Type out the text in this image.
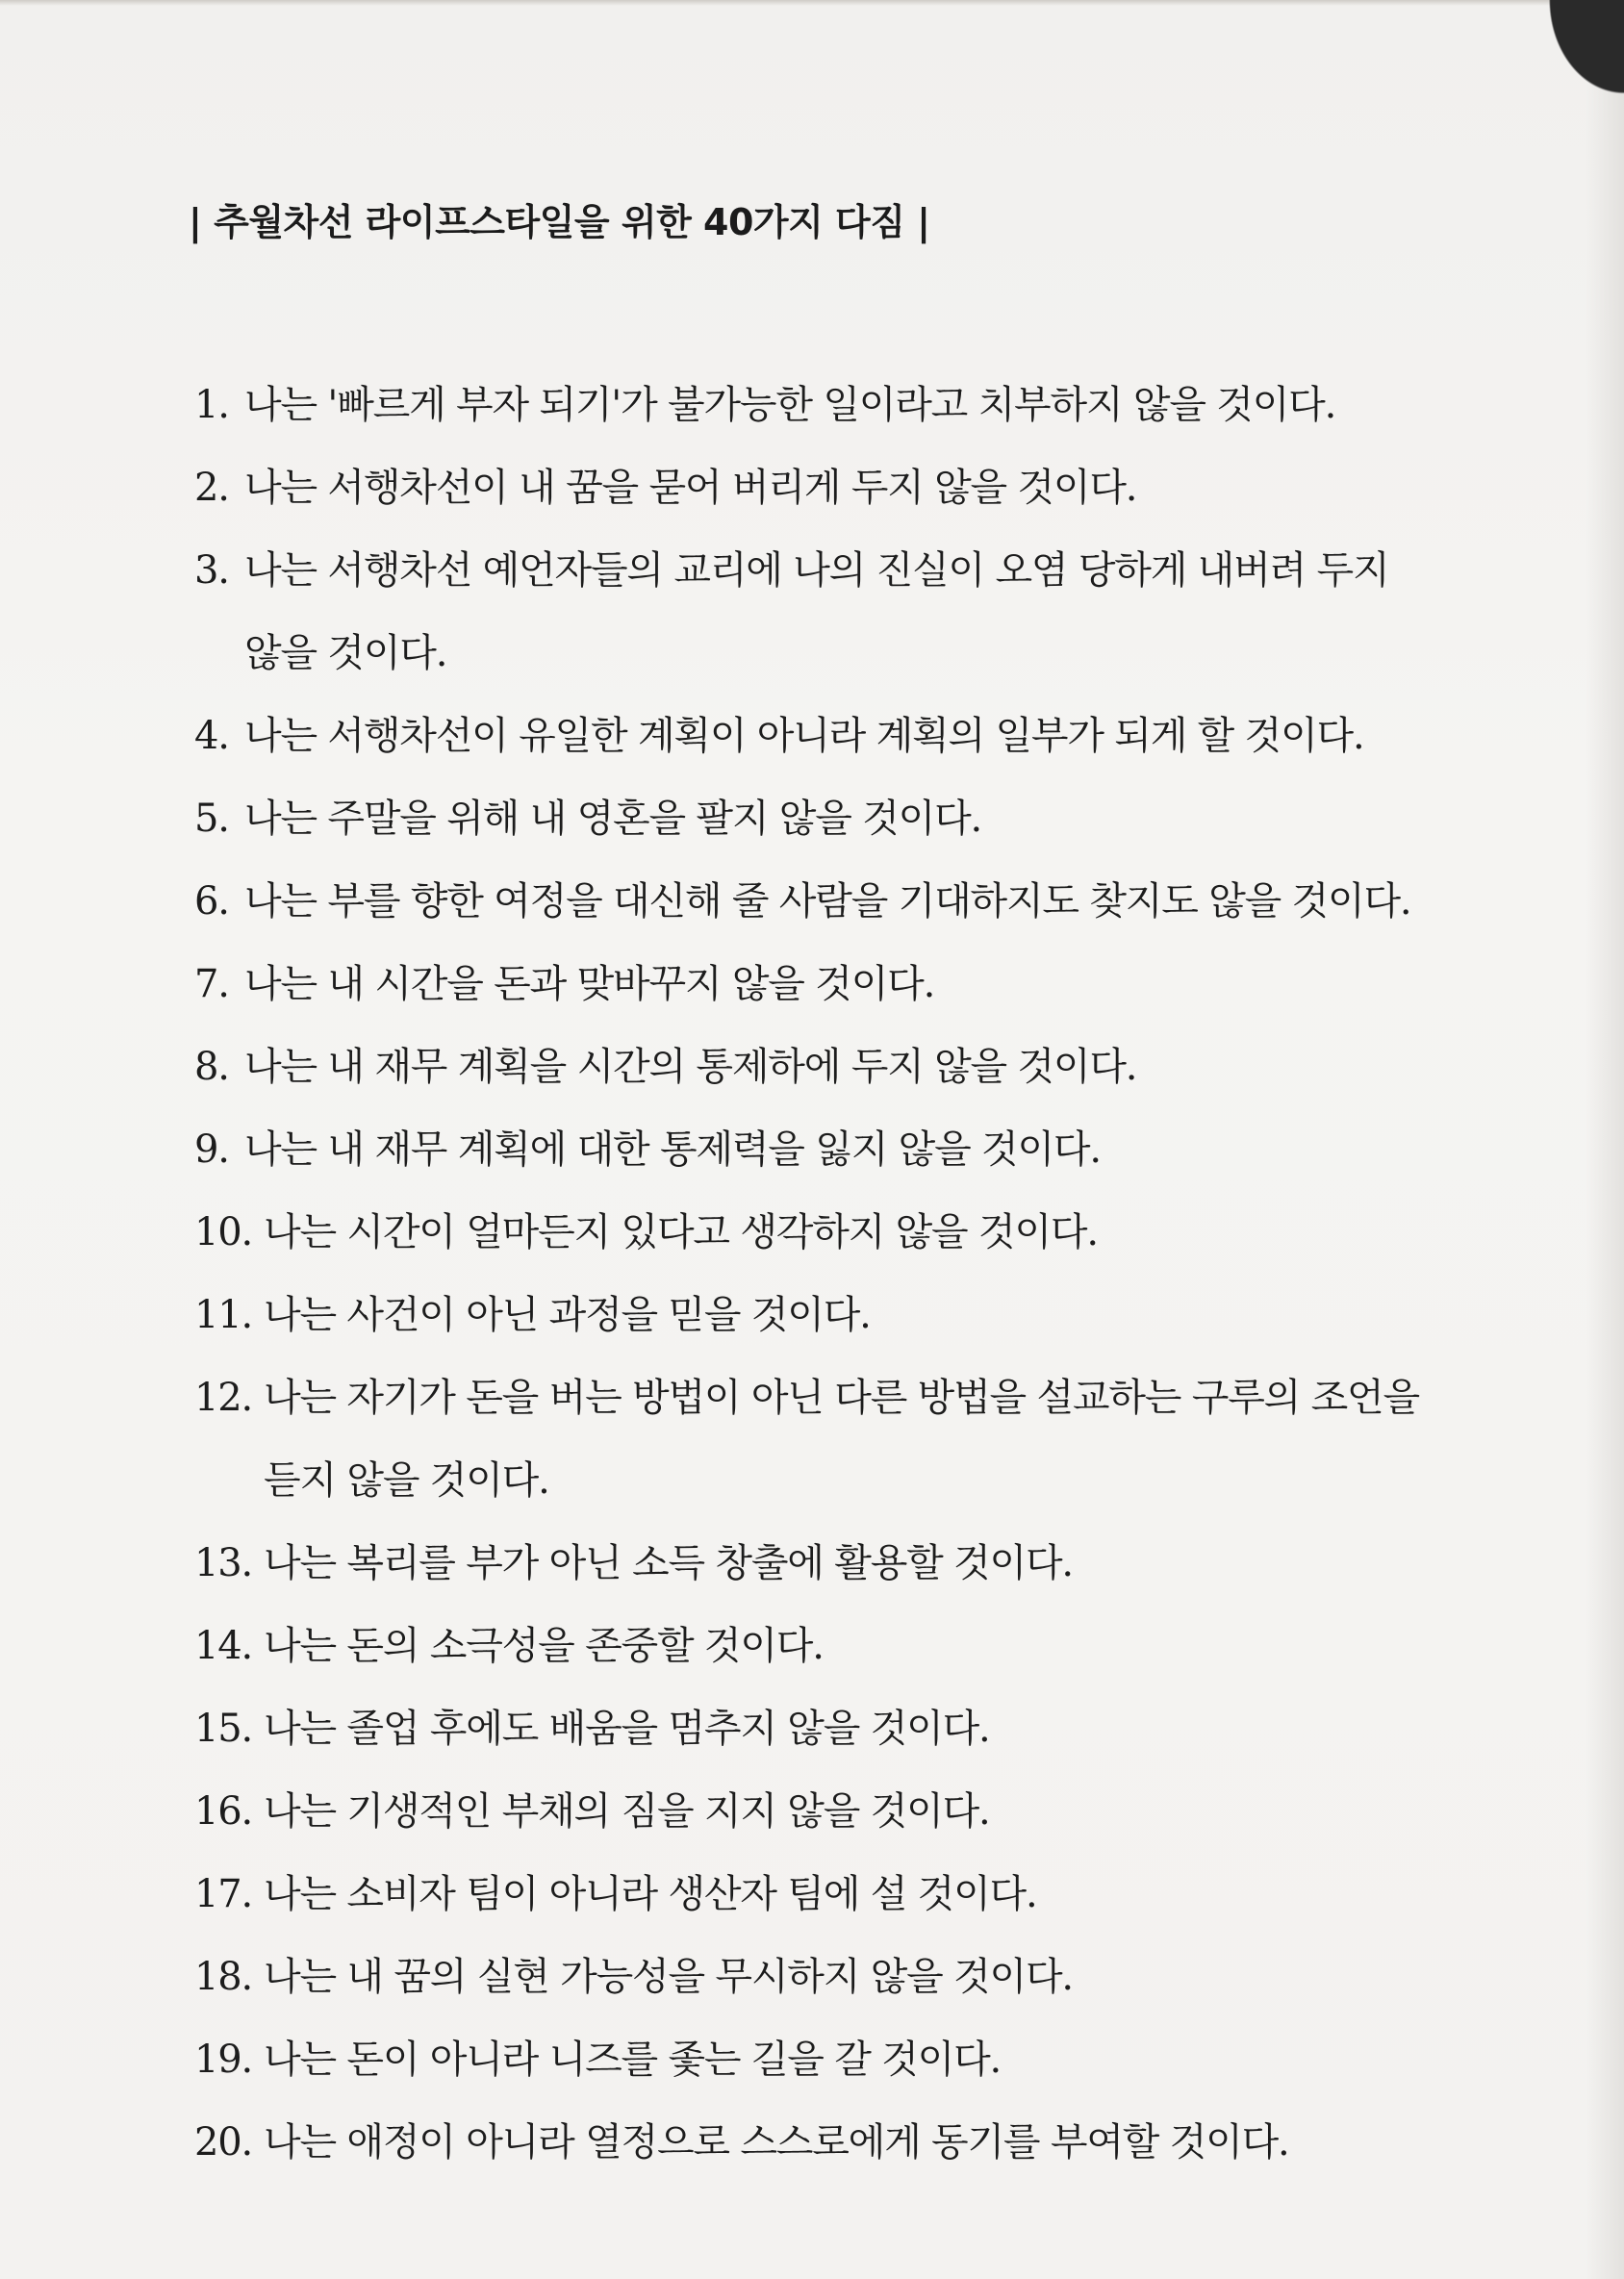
| 추월차선 라이프스타일을 위한 40가지 다짐 |
1. 나는 '빠르게 부자 되기'가 불가능한 일이라고 치부하지 않을 것이다.
2. 나는 서행차선이 내 꿈을 묻어 버리게 두지 않을 것이다.
3. 나는 서행차선 예언자들의 교리에 나의 진실이 오염 당하게 내버려 두지 않을 것이다.
4. 나는 서행차선이 유일한 계획이 아니라 계획의 일부가 되게 할 것이다.
5. 나는 주말을 위해 내 영혼을 팔지 않을 것이다.
6. 나는 부를 향한 여정을 대신해 줄 사람을 기대하지도 찾지도 않을 것이다.
7. 나는 내 시간을 돈과 맞바꾸지 않을 것이다.
8. 나는 내 재무 계획을 시간의 통제하에 두지 않을 것이다.
9. 나는 내 재무 계획에 대한 통제력을 잃지 않을 것이다.
10. 나는 시간이 얼마든지 있다고 생각하지 않을 것이다.
11. 나는 사건이 아닌 과정을 믿을 것이다.
12. 나는 자기가 돈을 버는 방법이 아닌 다른 방법을 설교하는 구루의 조언을 듣지 않을 것이다.
13. 나는 복리를 부가 아닌 소득 창출에 활용할 것이다.
14. 나는 돈의 소극성을 존중할 것이다.
15. 나는 졸업 후에도 배움을 멈추지 않을 것이다.
16. 나는 기생적인 부채의 짐을 지지 않을 것이다.
17. 나는 소비자 팀이 아니라 생산자 팀에 설 것이다.
18. 나는 내 꿈의 실현 가능성을 무시하지 않을 것이다.
19. 나는 돈이 아니라 니즈를 좇는 길을 갈 것이다.
20. 나는 애정이 아니라 열정으로 스스로에게 동기를 부여할 것이다.
